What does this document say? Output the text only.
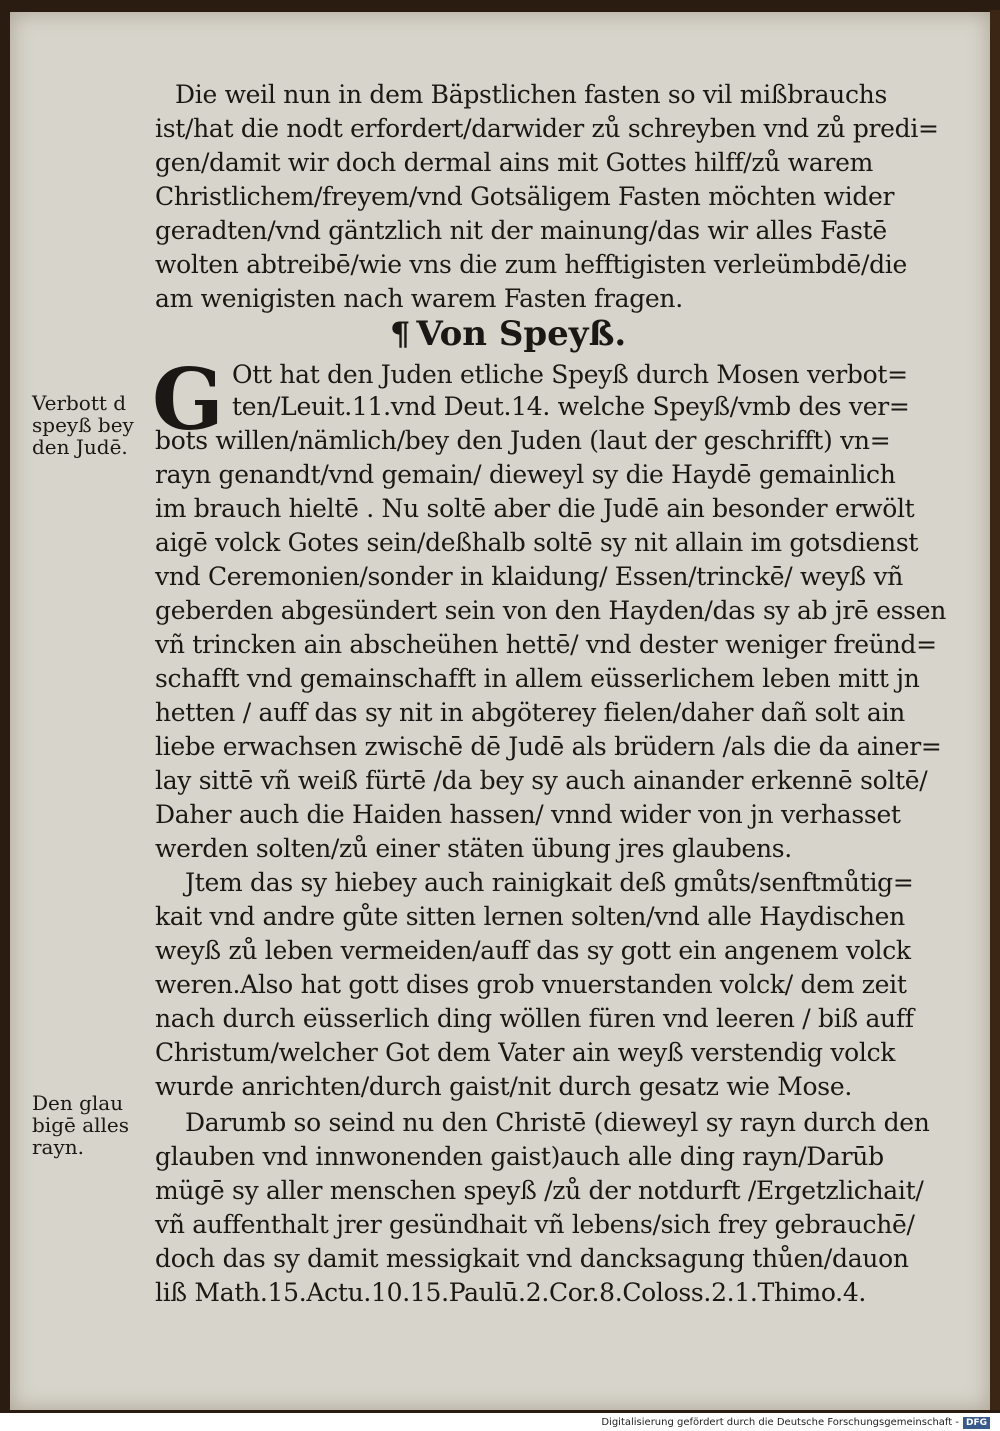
Die weil nun in dem Bäpstlichen fasten so vil mißbrauchs
ist/hat die nodt erfordert/darwider zů schreyben vnd zů predi=
gen/damit wir doch dermal ains mit Gottes hilff/zů warem
Christlichem/freyem/vnd Gotsäligem Fasten möchten wider
geradten/vnd gäntzlich nit der mainung/das wir alles Fastē
wolten abtreibē/wie vns die zum hefftigisten verleümbdē/die
am wenigisten nach warem Fasten fragen.
¶ Von Speyß.
G Ott hat den Juden etliche Speyß durch Mosen verbot=
ten/Leuit.11.vnd Deut.14. welche Speyß/vmb des ver=
bots willen/nämlich/bey den Juden (laut der geschrifft) vn=
rayn genandt/vnd gemain/ dieweyl sy die Haydē gemainlich
im brauch hieltē . Nu soltē aber die Judē ain besonder erwölt
aigē volck Gotes sein/deßhalb soltē sy nit allain im gotsdienst
vnd Ceremonien/sonder in klaidung/ Essen/trinckē/ weyß vñ
geberden abgesündert sein von den Hayden/das sy ab jrē essen
vñ trincken ain abscheühen hettē/ vnd dester weniger freünd=
schafft vnd gemainschafft in allem eüsserlichem leben mitt jn
hetten / auff das sy nit in abgöterey fielen/daher dañ solt ain
liebe erwachsen zwischē dē Judē als brüdern /als die da ainer=
lay sittē vñ weiß fürtē /da bey sy auch ainander erkennē soltē/
Daher auch die Haiden hassen/ vnnd wider von jn verhasset
werden solten/zů einer stäten übung jres glaubens.
Jtem das sy hiebey auch rainigkait deß gmůts/senftmůtig=
kait vnd andre gůte sitten lernen solten/vnd alle Haydischen
weyß zů leben vermeiden/auff das sy gott ein angenem volck
weren.Also hat gott dises grob vnuerstanden volck/ dem zeit
nach durch eüsserlich ding wöllen füren vnd leeren / biß auff
Christum/welcher Got dem Vater ain weyß verstendig volck
wurde anrichten/durch gaist/nit durch gesatz wie Mose.
Darumb so seind nu den Christē (dieweyl sy rayn durch den
glauben vnd innwonenden gaist)auch alle ding rayn/Darūb
mügē sy aller menschen speyß /zů der notdurft /Ergetzlichait/
vñ auffenthalt jrer gesündhait vñ lebens/sich frey gebrauchē/
doch das sy damit messigkait vnd dancksagung thůen/dauon
liß Math.15.Actu.10.15.Paulū.2.Cor.8.Coloss.2.1.Thimo.4.
Verbott d
speyß bey
den Judē.
Den glau
bigē alles
rayn.
Digitalisierung gefördert durch die Deutsche Forschungsgemeinschaft - DFG
